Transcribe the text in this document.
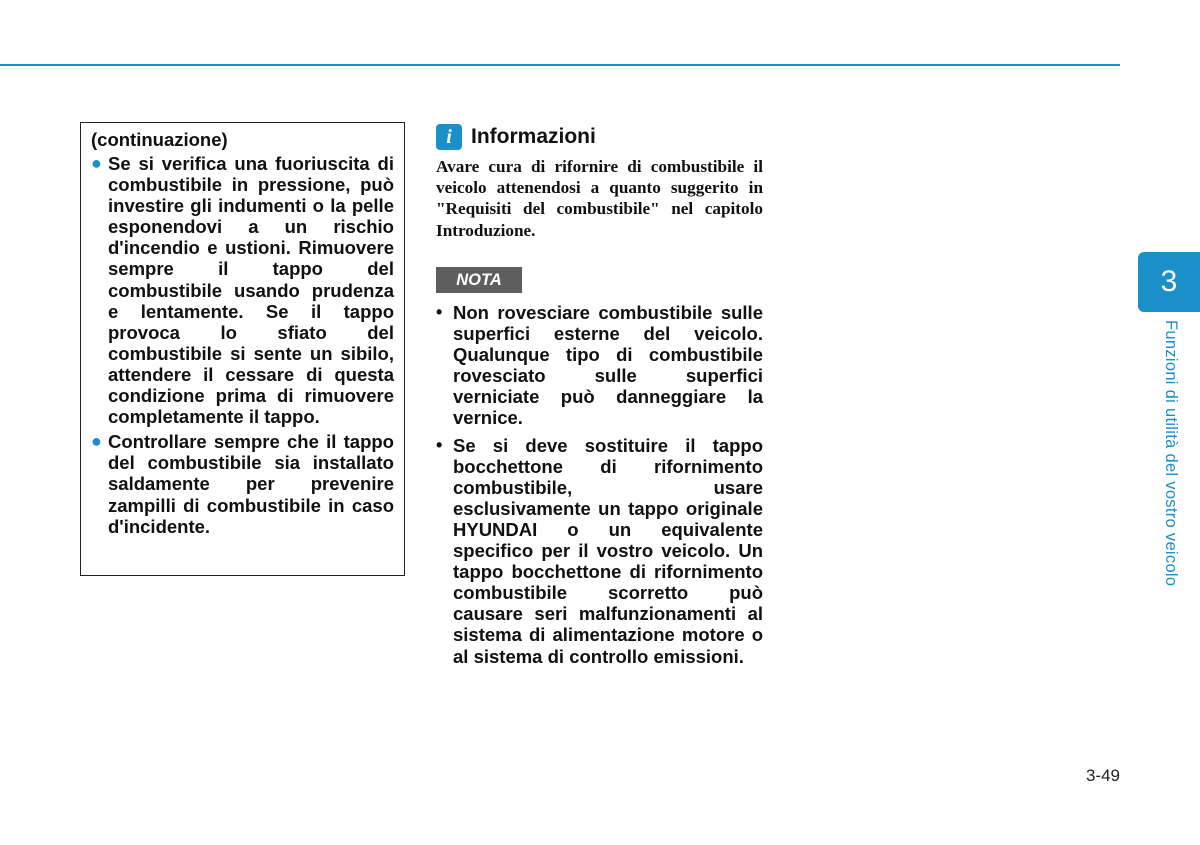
(continuazione)
● Se si verifica una fuoriuscita di combustibile in pressione, può investire gli indumenti o la pelle esponendovi a un rischio d'incendio e ustioni. Rimuovere sempre il tappo del combustibile usando prudenza e lentamente. Se il tappo provoca lo sfiato del combustibile si sente un sibilo, attendere il cessare di questa condizione prima di rimuovere completamente il tappo.
● Controllare sempre che il tappo del combustibile sia installato saldamente per prevenire zampilli di combustibile in caso d'incidente.
i Informazioni

Avare cura di rifornire di combustibile il veicolo attenendosi a quanto suggerito in "Requisiti del combustibile" nel capitolo Introduzione.

NOTA
• Non rovesciare combustibile sulle superfici esterne del veicolo. Qualunque tipo di combustibile rovesciato sulle superfici verniciate può danneggiare la vernice.
• Se si deve sostituire il tappo bocchettone di rifornimento combustibile, usare esclusivamente un tappo originale HYUNDAI o un equivalente specifico per il vostro veicolo. Un tappo bocchettone di rifornimento combustibile scorretto può causare seri malfunzionamenti al sistema di alimentazione motore o al sistema di controllo emissioni.
3
Funzioni di utilità del vostro veicolo
3-49
